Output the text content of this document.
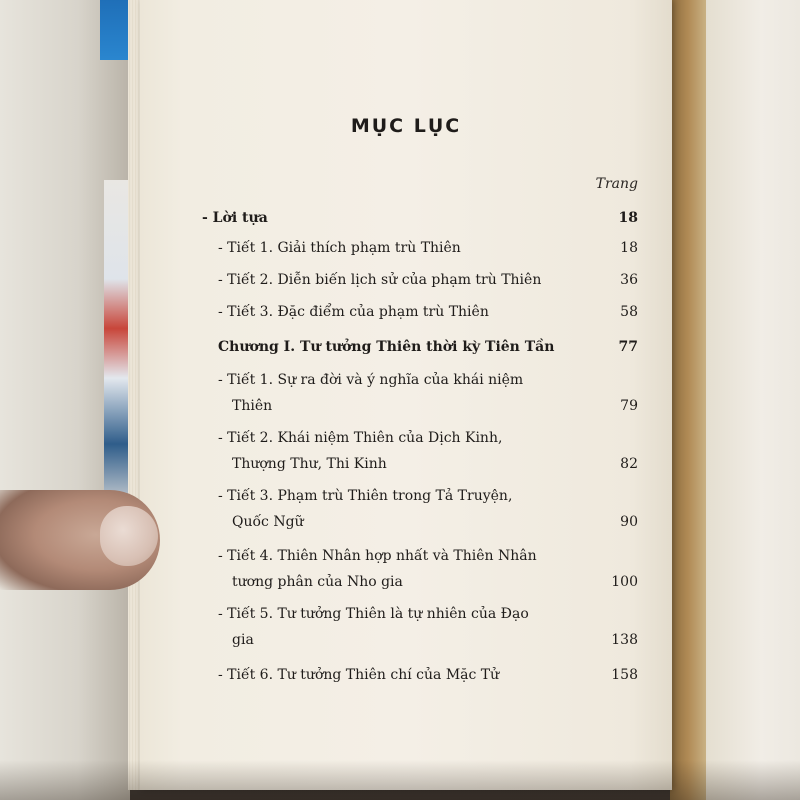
MỤC LỤC
Trang
- Lời tựa	18
- Tiết 1. Giải thích phạm trù Thiên	18
- Tiết 2. Diễn biến lịch sử của phạm trù Thiên	36
- Tiết 3. Đặc điểm của phạm trù Thiên	58
Chương I. Tư tưởng Thiên thời kỳ Tiên Tần	77
- Tiết 1. Sự ra đời và ý nghĩa của khái niệm
Thiên	79
- Tiết 2. Khái niệm Thiên của Dịch Kinh,
Thượng Thư, Thi Kinh	82
- Tiết 3. Phạm trù Thiên trong Tả Truyện,
Quốc Ngữ	90
- Tiết 4. Thiên Nhân hợp nhất và Thiên Nhân
tương phân của Nho gia	100
- Tiết 5. Tư tưởng Thiên là tự nhiên của Đạo
gia	138
- Tiết 6. Tư tưởng Thiên chí của Mặc Tử	158
